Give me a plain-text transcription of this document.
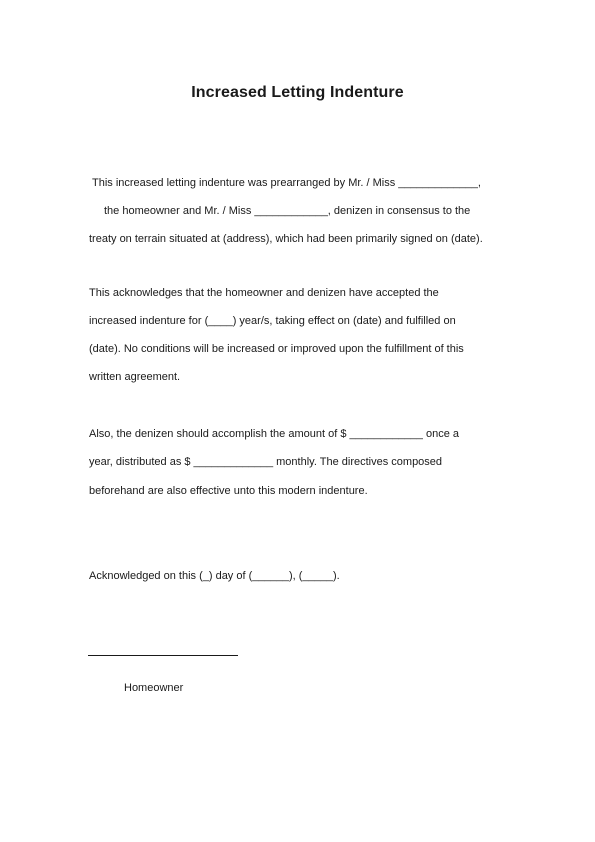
Increased Letting Indenture
This increased letting indenture was prearranged by Mr. / Miss _____________,
the homeowner and Mr. / Miss ____________, denizen in consensus to the
treaty on terrain situated at (address), which had been primarily signed on (date).
This acknowledges that the homeowner and denizen have accepted the
increased indenture for (____) year/s, taking effect on (date) and fulfilled on
(date). No conditions will be increased or improved upon the fulfillment of this
written agreement.
Also, the denizen should accomplish the amount of $ ____________ once a
year, distributed as $ _____________ monthly. The directives composed
beforehand are also effective unto this modern indenture.
Acknowledged on this (_) day of (______), (_____).
Homeowner
